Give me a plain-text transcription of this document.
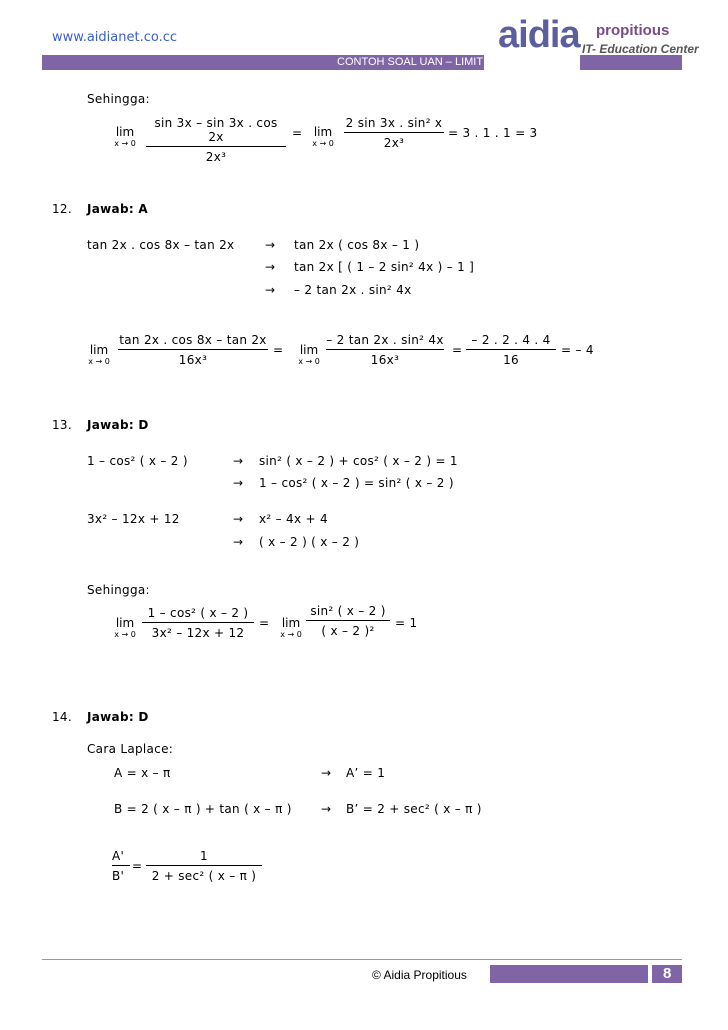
www.aidianet.co.cc
CONTOH SOAL UAN – LIMIT
aidia propitious
IT- Education Center
Sehingga:
lim
x → 0
sin 3x – sin 3x . cos 2x
2x³
= lim
x → 0
2 sin 3x . sin² x
2x³
= 3 . 1 . 1 = 3
12. Jawab: A
tan 2x . cos 8x – tan 2x	→ tan 2x ( cos 8x – 1 )
→ tan 2x [ ( 1 – 2 sin² 4x ) – 1 ]
→ – 2 tan 2x . sin² 4x
lim
x → 0
tan 2x . cos 8x – tan 2x
16x³
=	lim
x → 0
– 2 tan 2x . sin² 4x
16x³
=
– 2 . 2 . 4 . 4
16
= – 4
13. Jawab: D
1 – cos² ( x – 2 )	→ sin² ( x – 2 ) + cos² ( x – 2 ) = 1
→ 1 – cos² ( x – 2 ) = sin² ( x – 2 )
3x² – 12x + 12	→ x² – 4x + 4
→ ( x – 2 ) ( x – 2 )
Sehingga:
lim
x → 0
1 – cos² ( x – 2 )
3x² – 12x + 12
=	lim
x → 0
sin² ( x – 2 )
( x – 2 )²
= 1
14. Jawab: D
Cara Laplace:
A = x – π	→ A’ = 1
B = 2 ( x – π ) + tan ( x – π ) → B’ = 2 + sec² ( x – π )
A'
B'
=
1
2 + sec² ( x – π )
© Aidia Propitious	8
